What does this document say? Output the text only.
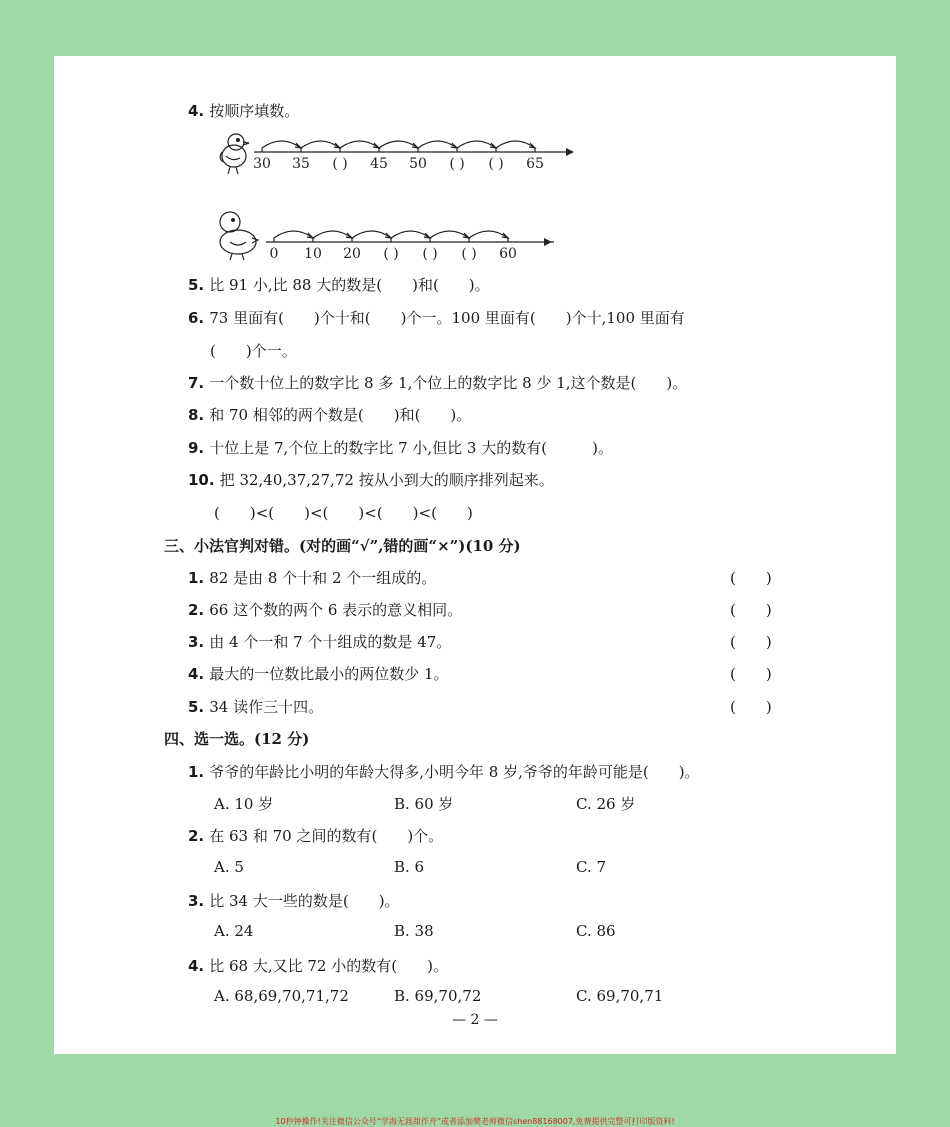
4. 按顺序填数。
30 35 ( ) 45 50 ( ) ( ) 65
0 10 20 ( ) ( ) ( ) 60
5. 比 91 小,比 88 大的数是(　　)和(　　)。
6. 73 里面有(　　)个十和(　　)个一。100 里面有(　　)个十,100 里面有
(　　)个一。
7. 一个数十位上的数字比 8 多 1,个位上的数字比 8 少 1,这个数是(　　)。
8. 和 70 相邻的两个数是(　　)和(　　)。
9. 十位上是 7,个位上的数字比 7 小,但比 3 大的数有(　　　)。
10. 把 32,40,37,27,72 按从小到大的顺序排列起来。
(　　)<(　　)<(　　)<(　　)<(　　)
三、小法官判对错。(对的画“√”,错的画“×”)(10 分)
1. 82 是由 8 个十和 2 个一组成的。	(　　)
2. 66 这个数的两个 6 表示的意义相同。	(　　)
3. 由 4 个一和 7 个十组成的数是 47。	(　　)
4. 最大的一位数比最小的两位数少 1。	(　　)
5. 34 读作三十四。	(　　)
四、选一选。(12 分)
1. 爷爷的年龄比小明的年龄大得多,小明今年 8 岁,爷爷的年龄可能是(　　)。
A. 10 岁	B. 60 岁	C. 26 岁
2. 在 63 和 70 之间的数有(　　)个。
A. 5	B. 6	C. 7
3. 比 34 大一些的数是(　　)。
A. 24	B. 38	C. 86
4. 比 68 大,又比 72 小的数有(　　)。
A. 68,69,70,71,72	B. 69,70,72	C. 69,70,71
— 2 —
10秒钟操作!关注微信公众号“学海无涯甜作舟”或者添加樊老师微信shen88168007,免费提供完整可打印版资料!
